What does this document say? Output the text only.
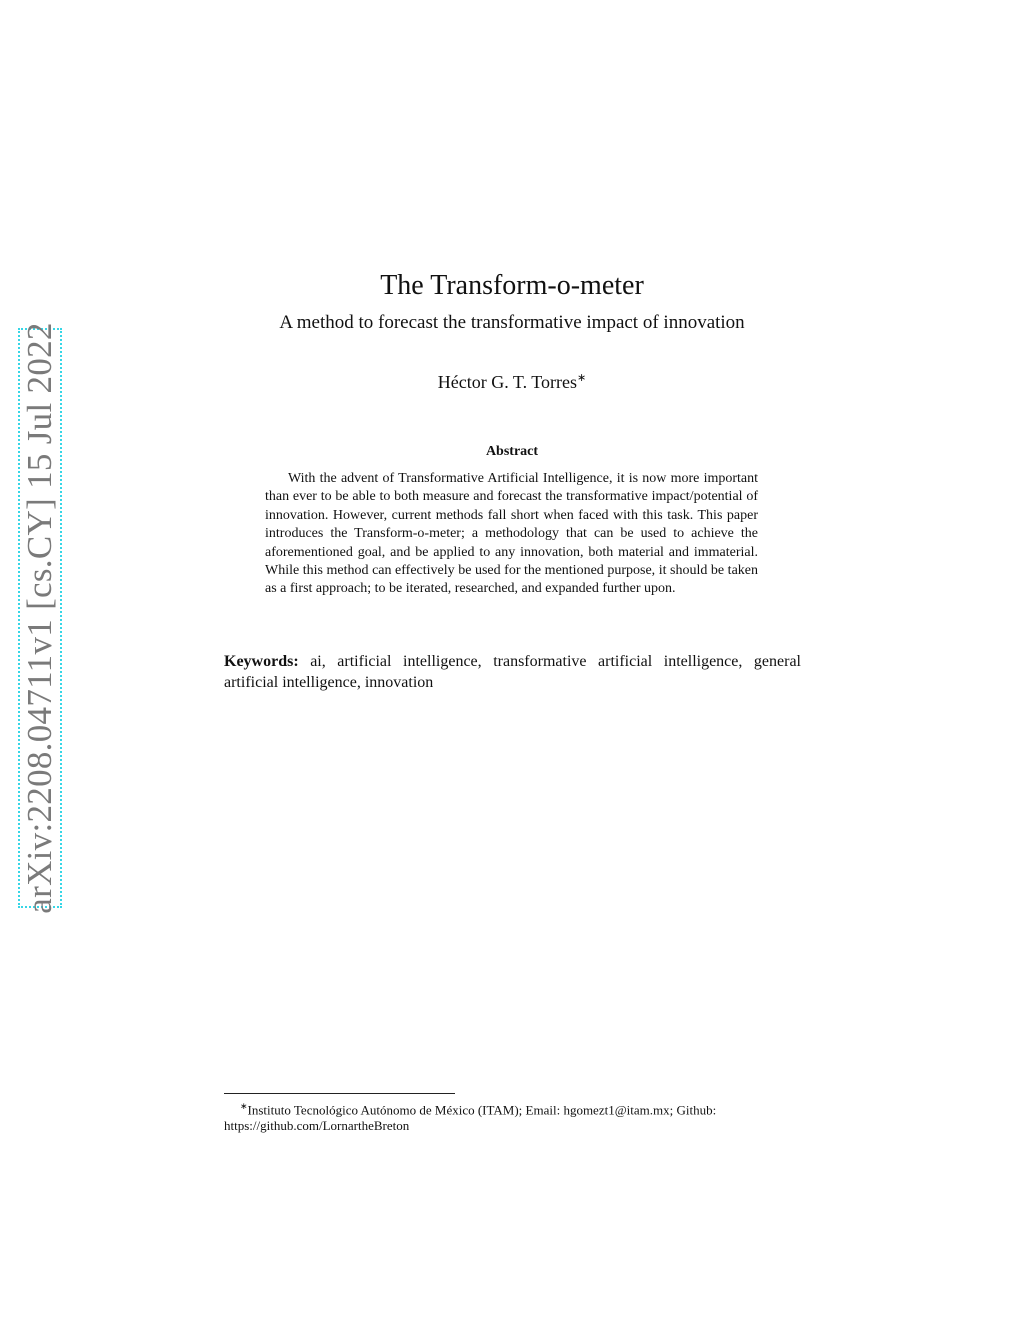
arXiv:2208.04711v1 [cs.CY] 15 Jul 2022
The Transform-o-meter
A method to forecast the transformative impact of innovation
Héctor G. T. Torres∗
Abstract
With the advent of Transformative Artificial Intelligence, it is now more important than ever to be able to both measure and forecast the transformative impact/potential of innovation. However, current methods fall short when faced with this task. This paper introduces the Transform-o-meter; a methodology that can be used to achieve the aforementioned goal, and be applied to any innovation, both material and immaterial. While this method can effectively be used for the mentioned purpose, it should be taken as a first approach; to be iterated, researched, and expanded further upon.
Keywords: ai, artificial intelligence, transformative artificial intelligence, general artificial intelligence, innovation
∗Instituto Tecnológico Autónomo de México (ITAM); Email: hgomezt1@itam.mx; Github:
https://github.com/LornartheBreton
